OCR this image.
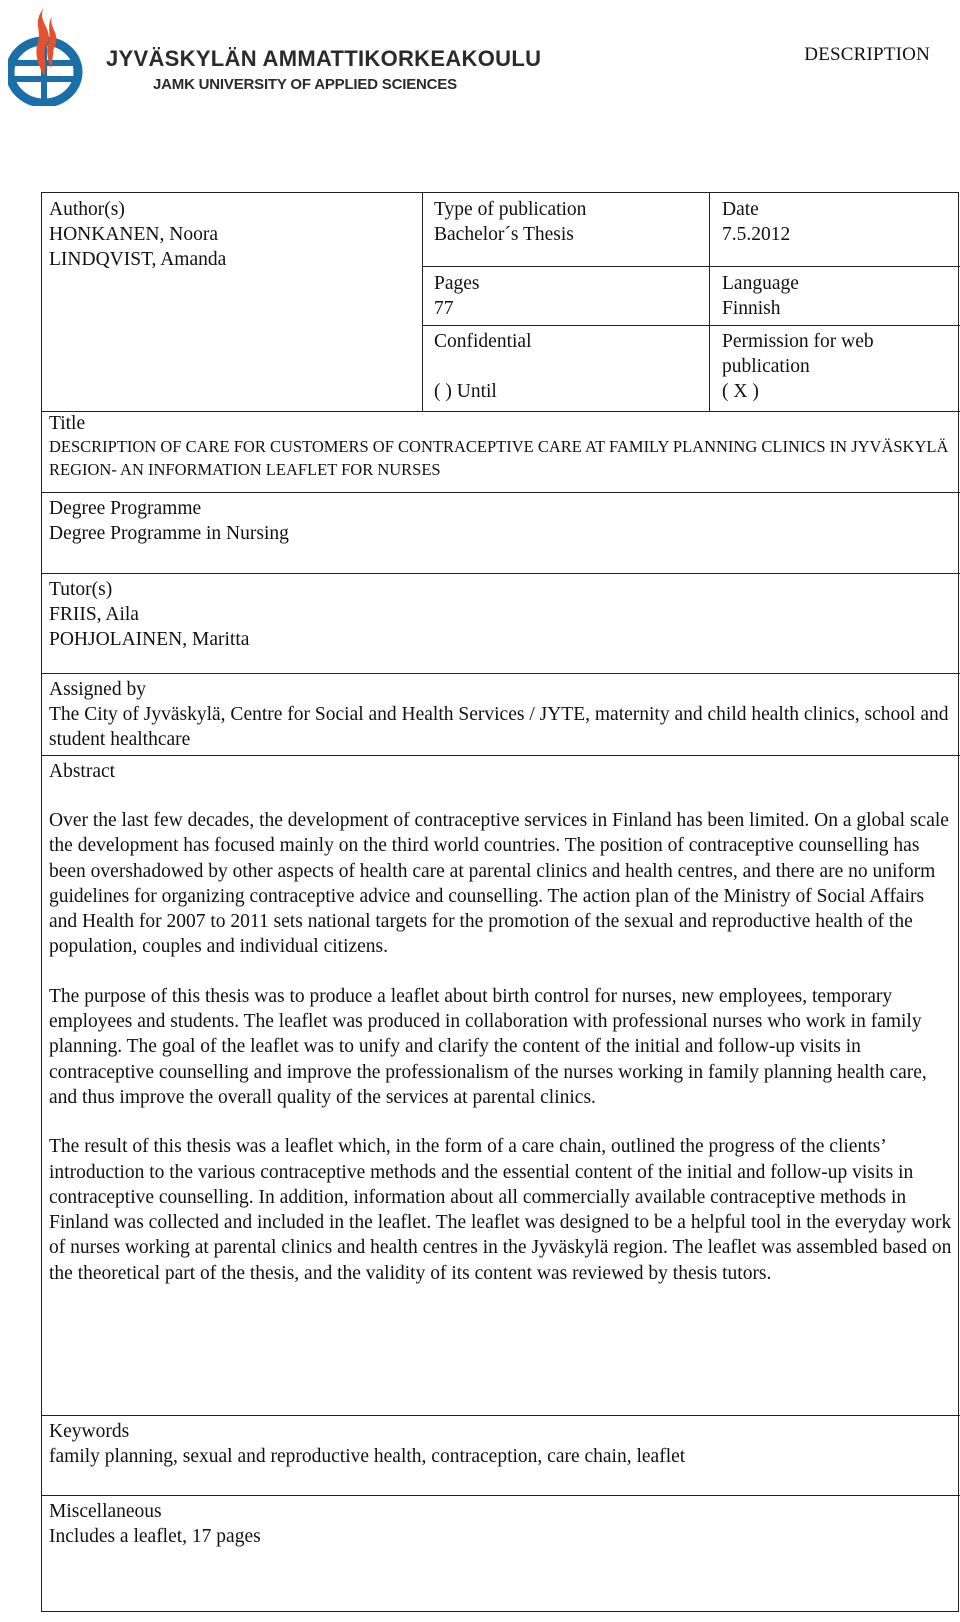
JYVÄSKYLÄN AMMATTIKORKEAKOULU
JAMK UNIVERSITY OF APPLIED SCIENCES
DESCRIPTION
Author(s)
HONKANEN, Noora
LINDQVIST, Amanda
Type of publication
Bachelor´s Thesis
Date
7.5.2012
Pages
77
Language
Finnish
Confidential
( ) Until
Permission for web
publication
( X )
Title
DESCRIPTION OF CARE FOR CUSTOMERS OF CONTRACEPTIVE CARE AT FAMILY PLANNING CLINICS IN JYVÄSKYLÄ REGION- AN INFORMATION LEAFLET FOR NURSES
Degree Programme
Degree Programme in Nursing
Tutor(s)
FRIIS, Aila
POHJOLAINEN, Maritta
Assigned by
The City of Jyväskylä, Centre for Social and Health Services / JYTE, maternity and child health clinics, school and student healthcare
Abstract

Over the last few decades, the development of contraceptive services in Finland has been limited. On a global scale the development has focused mainly on the third world countries. The position of contraceptive counselling has been overshadowed by other aspects of health care at parental clinics and health centres, and there are no uniform guidelines for organizing contraceptive advice and counselling. The action plan of the Ministry of Social Affairs and Health for 2007 to 2011 sets national targets for the promotion of the sexual and reproductive health of the population, couples and individual citizens.

The purpose of this thesis was to produce a leaflet about birth control for nurses, new employees, temporary employees and students. The leaflet was produced in collaboration with professional nurses who work in family planning. The goal of the leaflet was to unify and clarify the content of the initial and follow-up visits in contraceptive counselling and improve the professionalism of the nurses working in family planning health care, and thus improve the overall quality of the services at parental clinics.

The result of this thesis was a leaflet which, in the form of a care chain, outlined the progress of the clients’ introduction to the various contraceptive methods and the essential content of the initial and follow-up visits in contraceptive counselling. In addition, information about all commercially available contraceptive methods in Finland was collected and included in the leaflet. The leaflet was designed to be a helpful tool in the everyday work of nurses working at parental clinics and health centres in the Jyväskylä region. The leaflet was assembled based on the theoretical part of the thesis, and the validity of its content was reviewed by thesis tutors.

Keywords
family planning, sexual and reproductive health, contraception, care chain, leaflet
Miscellaneous
Includes a leaflet, 17 pages
